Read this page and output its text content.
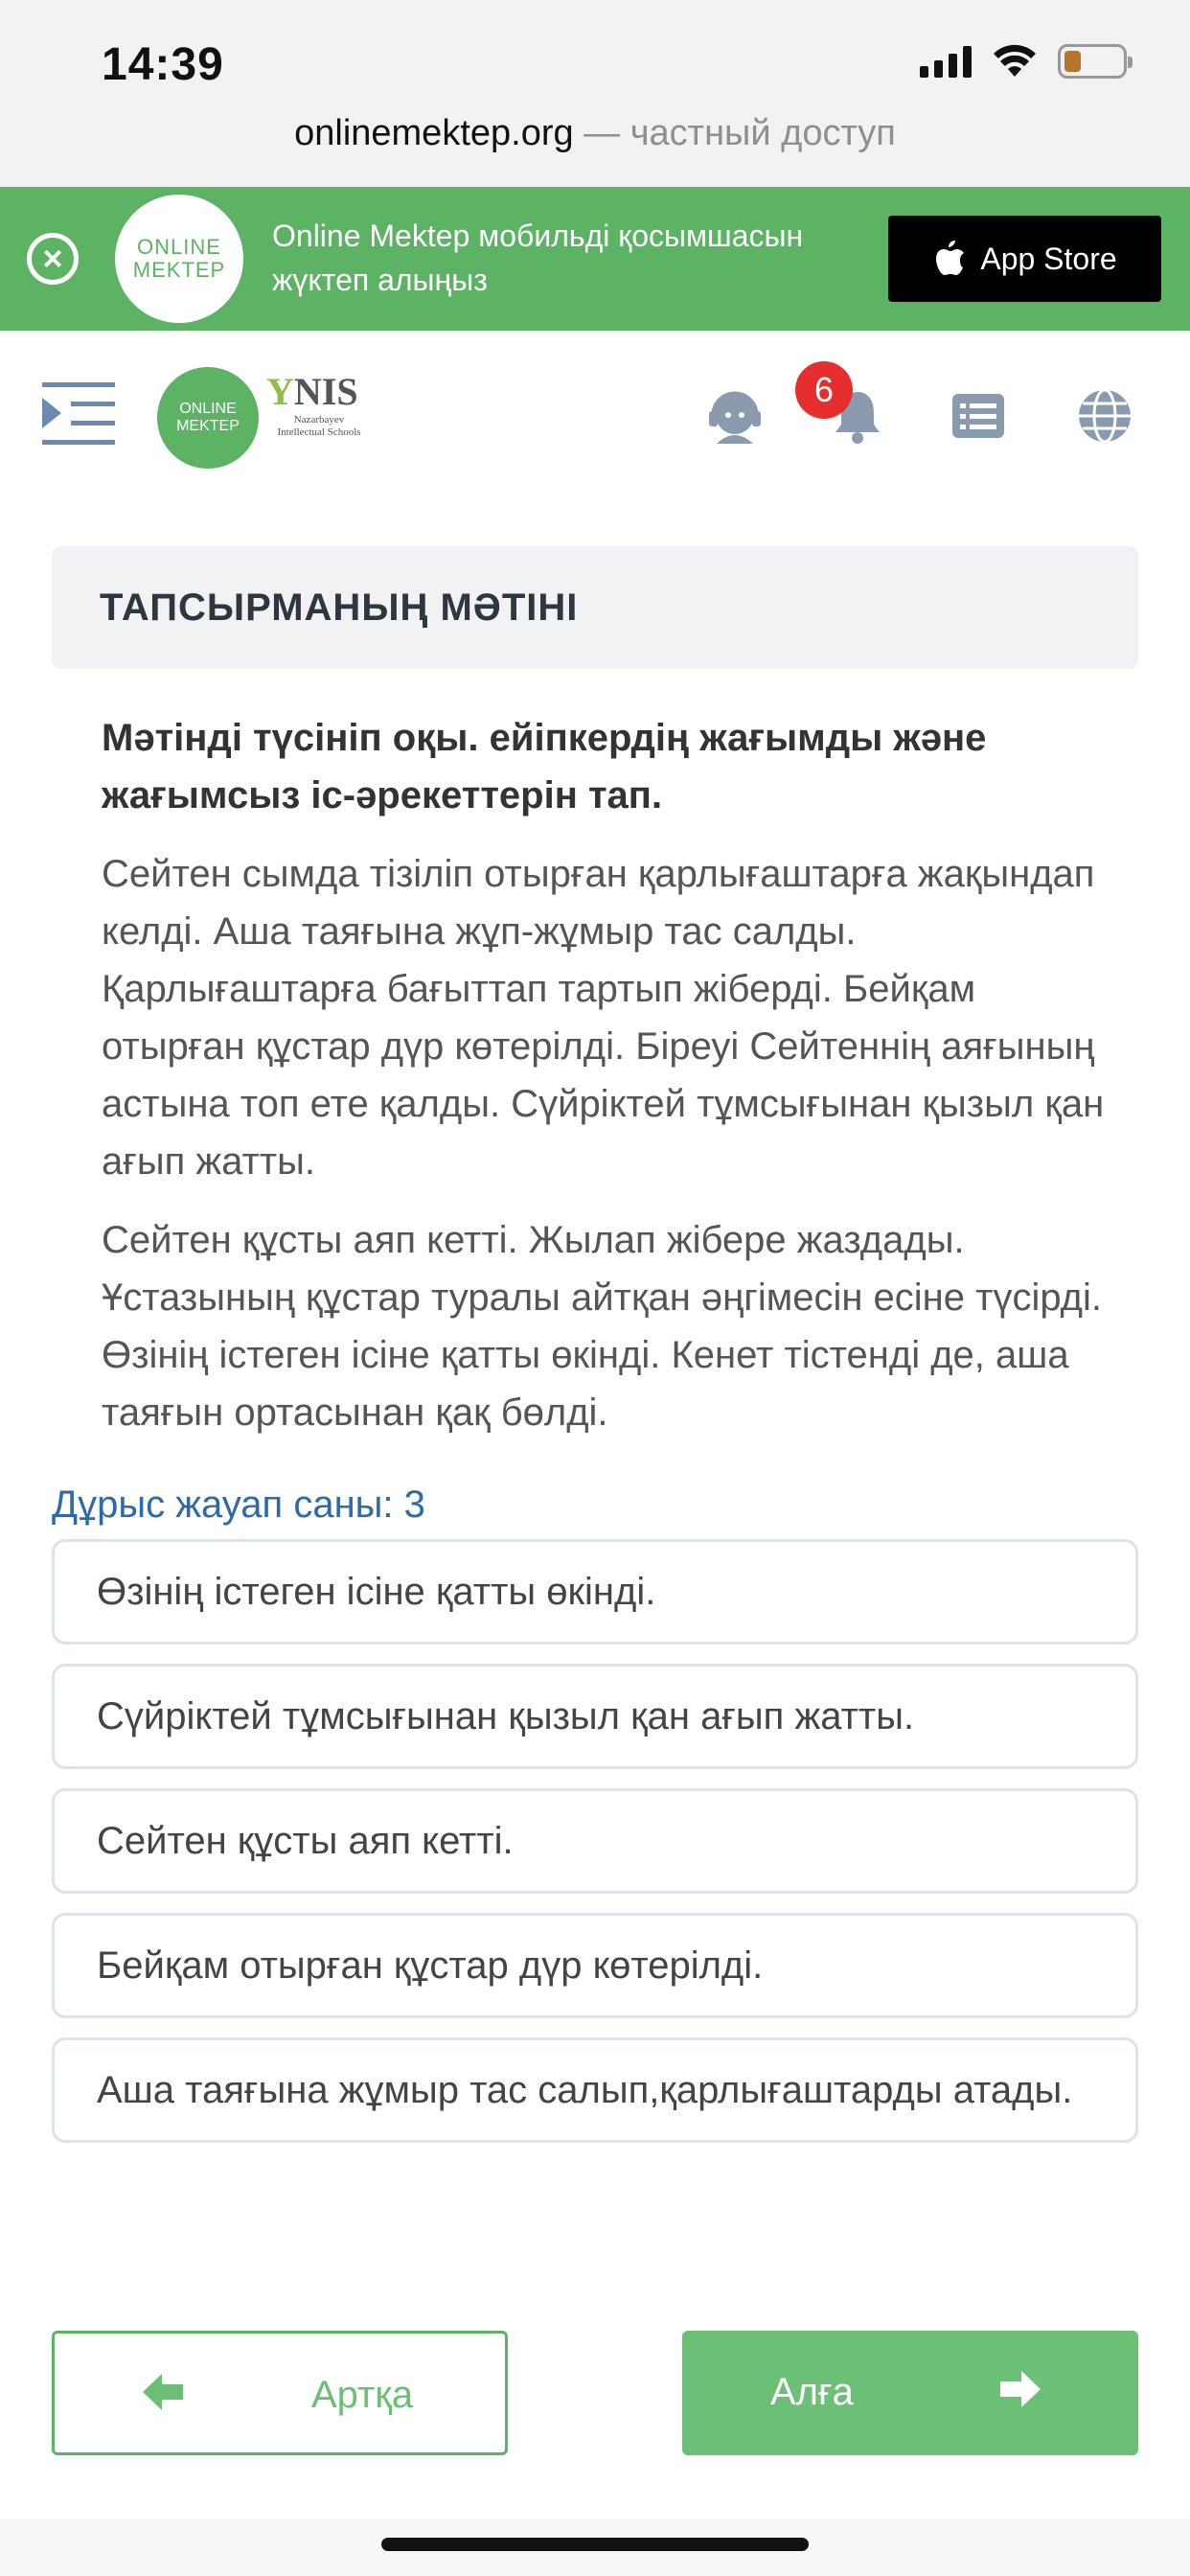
14:39
onlinemektep.org — частный доступ
×	ONLINE
MEKTEP
Online Mektep мобильді қосымшасын жүктеп алыңыз
App Store
ONLINE
MEKTEP
YNIS
Nazarbayev Intellectual Schools
6
ТАПСЫРМАНЫҢ МӘТІНІ
Мәтінді түсініп оқы. ейіпкердің жағымды және жағымсыз іс-әрекеттерін тап.
Сейтен сымда тізіліп отырған қарлығаштарға жақындап келді. Аша таяғына жұп-жұмыр тас салды. Қарлығаштарға бағыттап тартып жіберді. Бейқам отырған құстар дүр көтерілді. Біреуі Сейтеннің аяғының астына топ ете қалды. Сүйріктей тұмсығынан қызыл қан ағып жатты.
Сейтен құсты аяп кетті. Жылап жібере жаздады. Ұстазының құстар туралы айтқан әңгімесін есіне түсірді. Өзінің істеген ісіне қатты өкінді. Кенет тістенді де, аша таяғын ортасынан қақ бөлді.
Дұрыс жауап саны: 3
Өзінің істеген ісіне қатты өкінді.
Сүйріктей тұмсығынан қызыл қан ағып жатты.
Сейтен құсты аяп кетті.
Бейқам отырған құстар дүр көтерілді.
Аша таяғына жұмыр тас салып,қарлығаштарды атады.
Артқа	Алға
